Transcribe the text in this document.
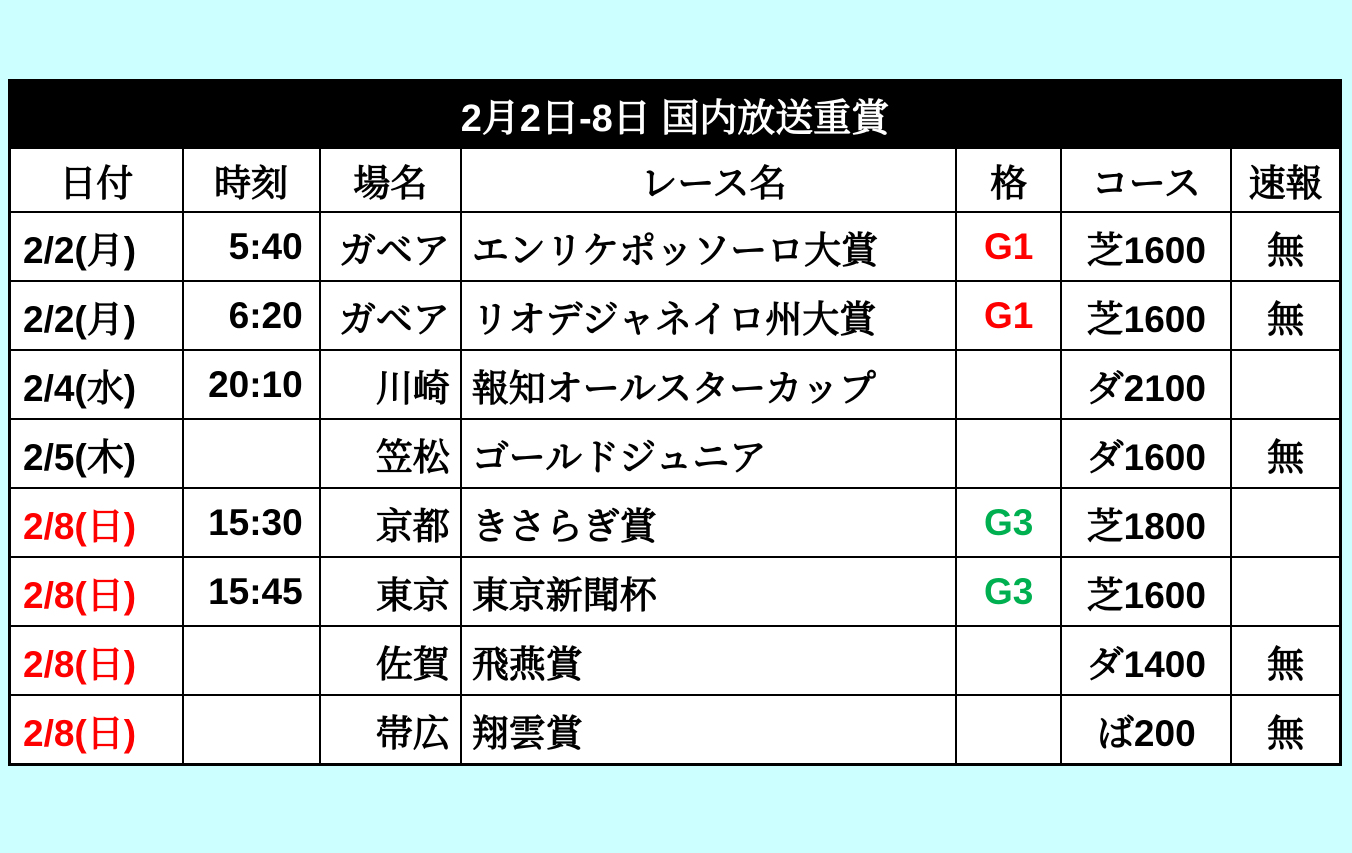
2月2日-8日 国内放送重賞						
日付	時刻	場名	レース名	格	コース	速報
2/2(月)	5:40	ガベア	エンリケポッソーロ大賞	G1	芝1600	無
2/2(月)	6:20	ガベア	リオデジャネイロ州大賞	G1	芝1600	無
2/4(水)	20:10	川崎	報知オールスターカップ		ダ2100	
2/5(木)		笠松	ゴールドジュニア		ダ1600	無
2/8(日)	15:30	京都	きさらぎ賞	G3	芝1800	
2/8(日)	15:45	東京	東京新聞杯	G3	芝1600	
2/8(日)		佐賀	飛燕賞		ダ1400	無
2/8(日)		帯広	翔雲賞		ば200	無
